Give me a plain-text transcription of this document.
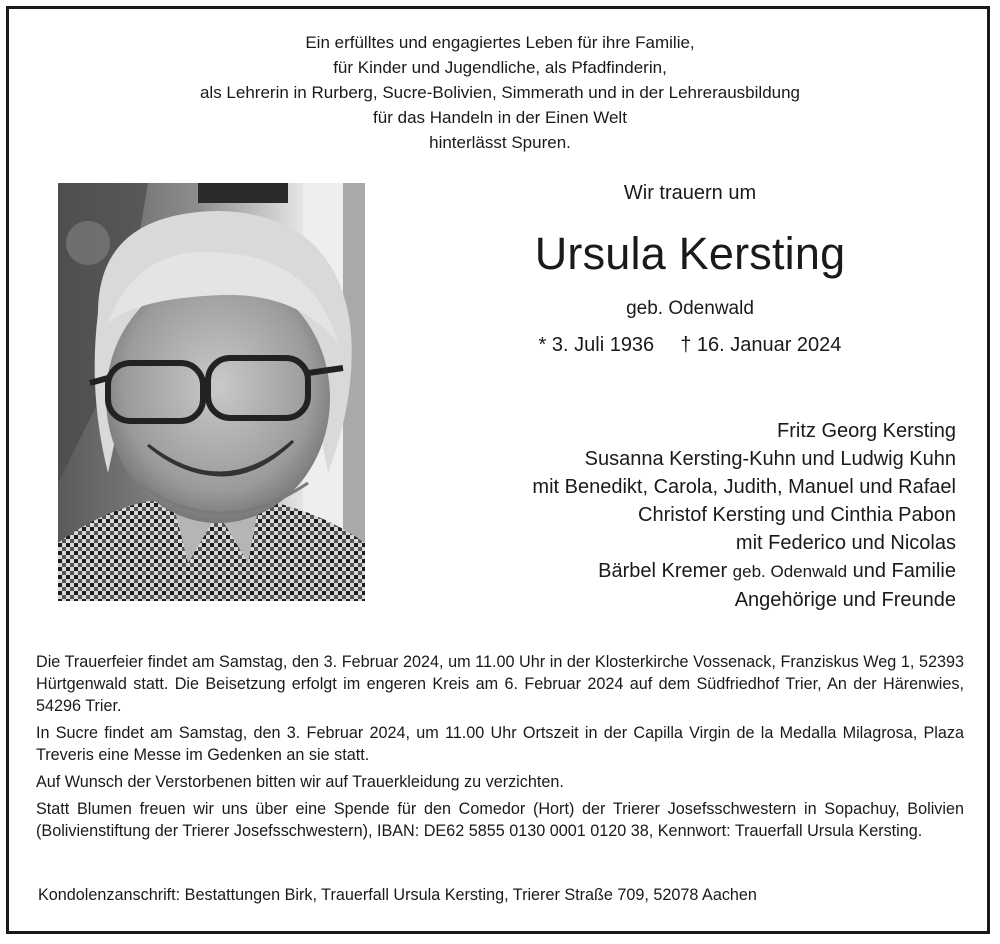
Ein erfülltes und engagiertes Leben für ihre Familie,
für Kinder und Jugendliche, als Pfadfinderin,
als Lehrerin in Rurberg, Sucre-Bolivien, Simmerath und in der Lehrerausbildung
für das Handeln in der Einen Welt
hinterlässt Spuren.
Wir trauern um
Ursula Kersting
geb. Odenwald
* 3. Juli 1936 † 16. Januar 2024
Fritz Georg Kersting
Susanna Kersting-Kuhn und Ludwig Kuhn
mit Benedikt, Carola, Judith, Manuel und Rafael
Christof Kersting und Cinthia Pabon
mit Federico und Nicolas
Bärbel Kremer geb. Odenwald und Familie
Angehörige und Freunde

Die Trauerfeier findet am Samstag, den 3. Februar 2024, um 11.00 Uhr in der Klosterkirche Vossenack, Franziskus Weg 1, 52393 Hürtgenwald statt. Die Beisetzung erfolgt im engeren Kreis am 6. Februar 2024 auf dem Südfriedhof Trier, An der Härenwies, 54296 Trier.

In Sucre findet am Samstag, den 3. Februar 2024, um 11.00 Uhr Ortszeit in der Capilla Virgin de la Medalla Milagrosa, Plaza Treveris eine Messe im Gedenken an sie statt.

Auf Wunsch der Verstorbenen bitten wir auf Trauerkleidung zu verzichten.

Statt Blumen freuen wir uns über eine Spende für den Comedor (Hort) der Trierer Josefsschwestern in Sopachuy, Bolivien (Bolivienstiftung der Trierer Josefsschwestern), IBAN: DE62 5855 0130 0001 0120 38, Kennwort: Trauerfall Ursula Kersting.

Kondolenzanschrift: Bestattungen Birk, Trauerfall Ursula Kersting, Trierer Straße 709, 52078 Aachen
